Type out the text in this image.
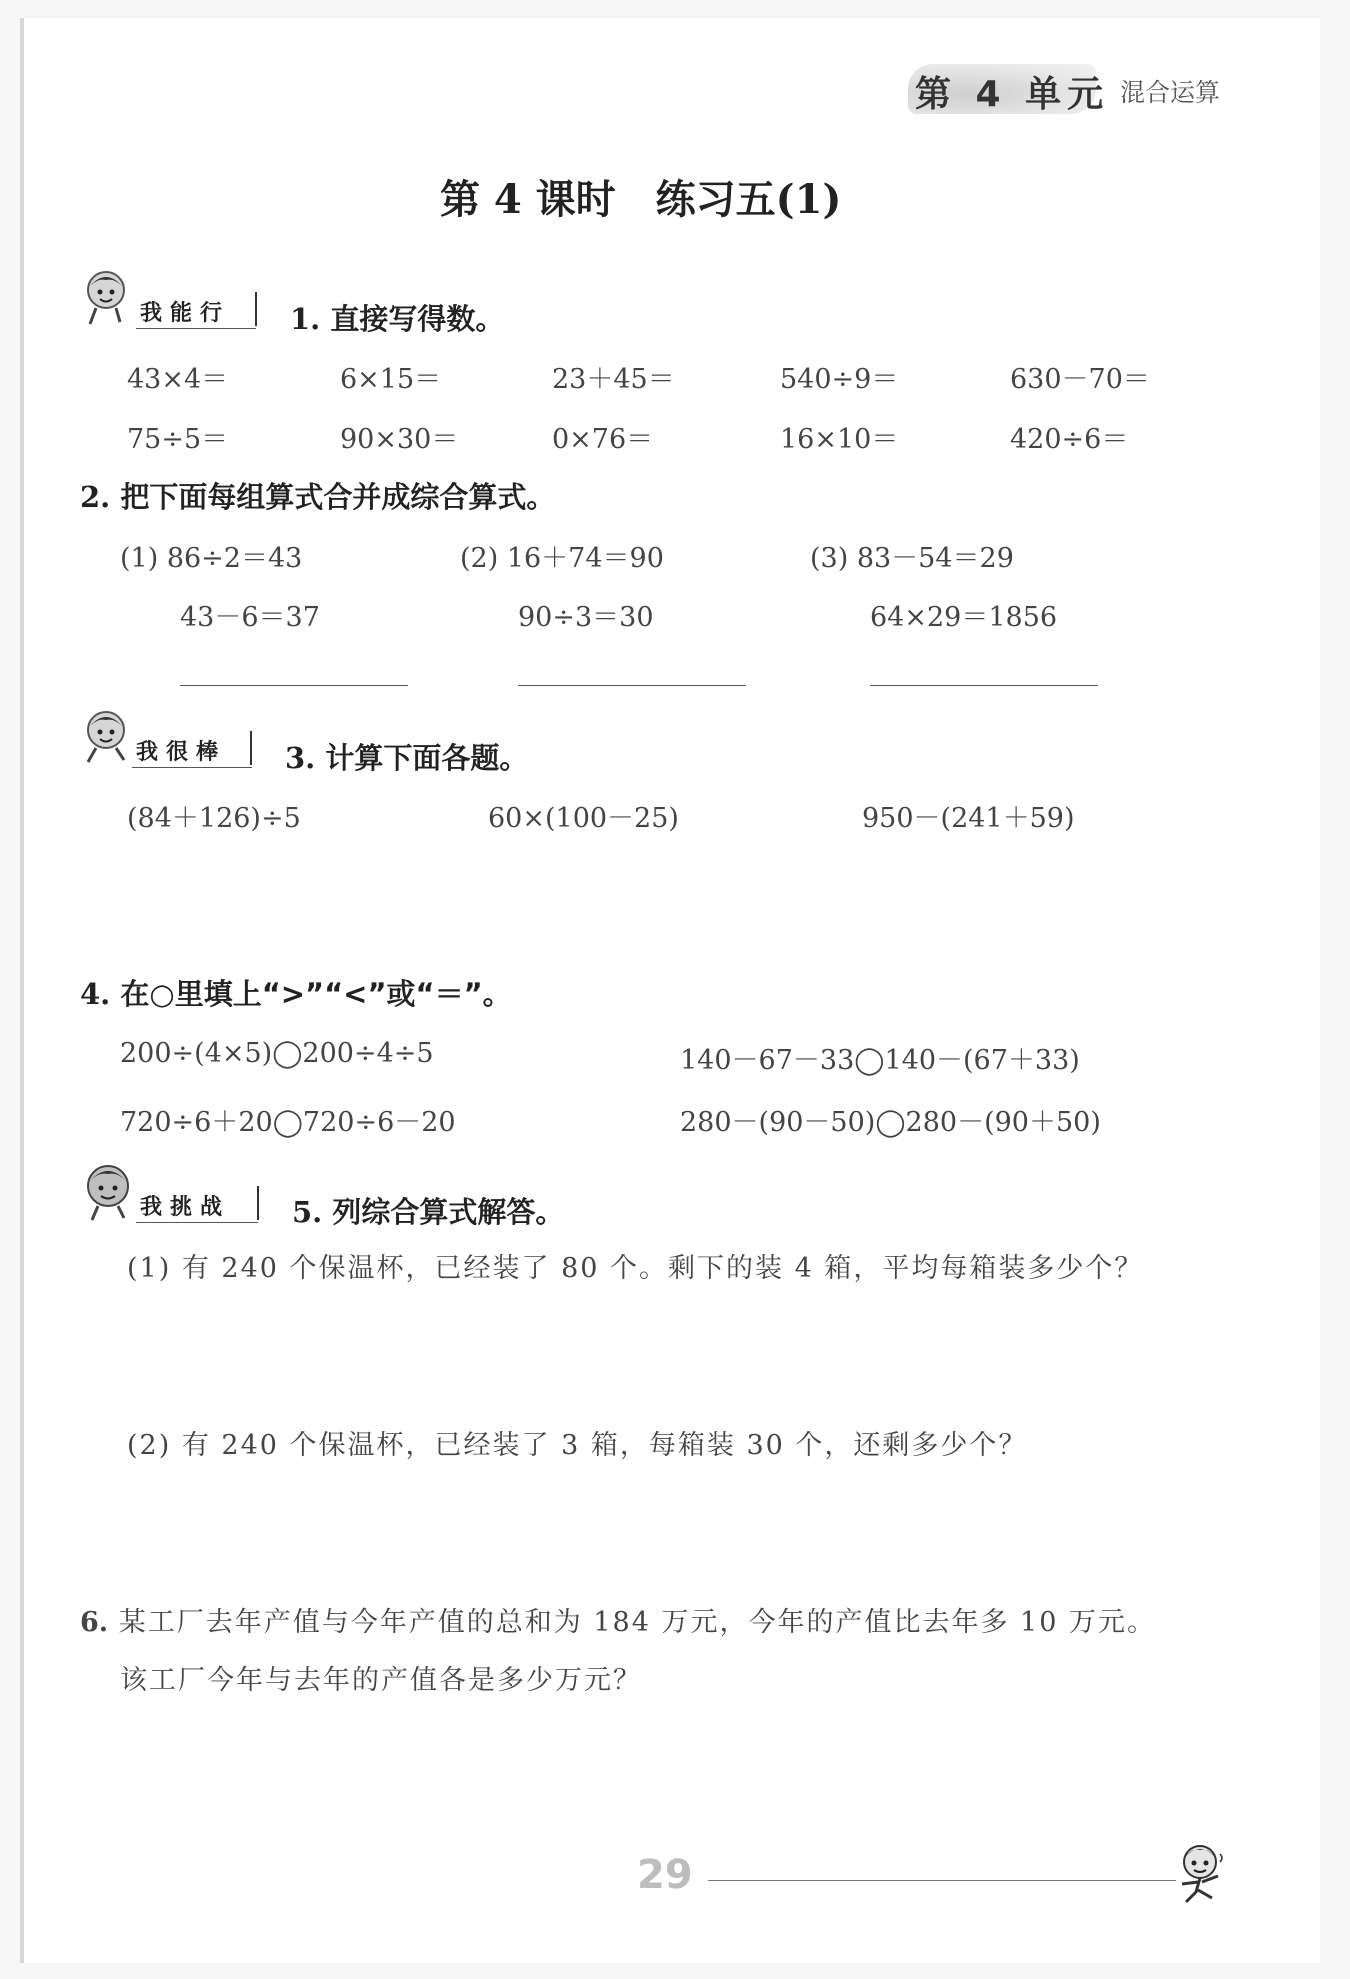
第 4 单元 混合运算
第 4 课时　练习五(1)
我能行 1. 直接写得数。
43×4＝	6×15＝	23＋45＝	540÷9＝	630－70＝
75÷5＝	90×30＝	0×76＝	16×10＝	420÷6＝
2. 把下面每组算式合并成综合算式。
(1) 86÷2＝43
43－6＝37
(2) 16＋74＝90
90÷3＝30
(3) 83－54＝29
64×29＝1856
我很棒 3. 计算下面各题。
(84＋126)÷5	60×(100－25)	950－(241＋59)
4. 在○里填上“>”“<”或“＝”。
200÷(4×5)◯200÷4÷5	140－67－33◯140－(67＋33)
720÷6＋20◯720÷6－20	280－(90－50)◯280－(90＋50)
我挑战 5. 列综合算式解答。
(1) 有 240 个保温杯，已经装了 80 个。剩下的装 4 箱，平均每箱装多少个？
(2) 有 240 个保温杯，已经装了 3 箱，每箱装 30 个，还剩多少个？
6. 某工厂去年产值与今年产值的总和为 184 万元，今年的产值比去年多 10 万元。
该工厂今年与去年的产值各是多少万元？
29
